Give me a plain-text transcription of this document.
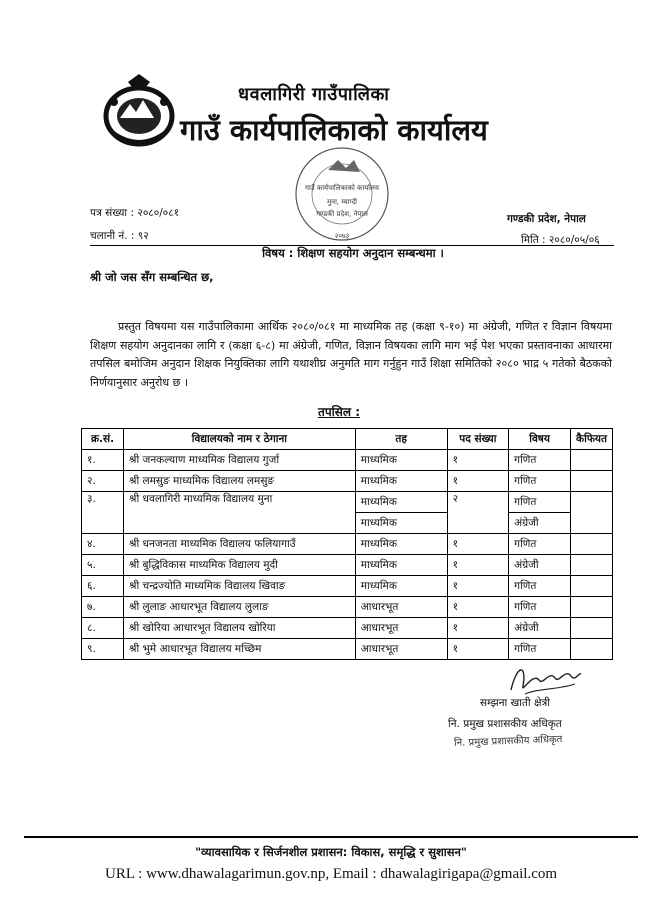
धवलागिरी गाउँपालिका
गाउँ कार्यपालिकाको कार्यालय
गाउँ कार्यपालिकाको कार्यालय
मुना, म्याग्दी
गण्डकी प्रदेश, नेपाल
२०७३
पत्र संख्या : २०८०/०८१
चलानी नं. : ९२
गण्डकी प्रदेश, नेपाल
मिति : २०८०/०५/०६
विषय : शिक्षण सहयोग अनुदान सम्बन्धमा ।
श्री जो जस सँग सम्बन्धित छ,
प्रस्तुत विषयमा यस गाउँपालिकामा आर्थिक २०८०/०८१ मा माध्यमिक तह (कक्षा ९-१०) मा अंग्रेजी, गणित र विज्ञान विषयमा शिक्षण सहयोग अनुदानका लागि र (कक्षा ६-८) मा अंग्रेजी, गणित, विज्ञान विषयका लागि माग भई पेश भएका प्रस्तावनाका आधारमा तपसिल बमोजिम अनुदान शिक्षक नियुक्तिका लागि यथाशीघ्र अनुमति माग गर्नुहुन गाउँ शिक्षा समितिको २०८० भाद्र ५ गतेको बैठकको निर्णयानुसार अनुरोध छ ।
तपसिल :
क्र.सं.	विद्यालयको नाम र ठेगाना	तह	पद संख्या	विषय	कैफियत
१.	श्री जनकल्याण माध्यमिक विद्यालय गुर्जा	माध्यमिक	१	गणित	
२.	श्री लमसुङ माध्यमिक विद्यालय लमसुङ	माध्यमिक	१	गणित	
३.	श्री धवलागिरी माध्यमिक विद्यालय मुना	माध्यमिक	२	गणित	
		माध्यमिक		अंग्रेजी	
४.	श्री धनजनता माध्यमिक विद्यालय फलियागाउँ	माध्यमिक	१	गणित	
५.	श्री बुद्धिविकास माध्यमिक विद्यालय मुदी	माध्यमिक	१	अंग्रेजी	
६.	श्री चन्द्रज्योति माध्यमिक विद्यालय खिवाङ	माध्यमिक	१	गणित	
७.	श्री लुलाङ आधारभूत विद्यालय लुलाङ	आधारभूत	१	गणित	
८.	श्री खोरिया आधारभूत विद्यालय खोरिया	आधारभूत	१	अंग्रेजी	
९.	श्री भुमे आधारभूत विद्यालय मच्छिम	आधारभूत	१	गणित	
सम्झना खाती क्षेत्री
नि. प्रमुख प्रशासकीय अधिकृत
नि. प्रमुख प्रशासकीय अधिकृत
"व्यावसायिक र सिर्जनशील प्रशासन: विकास, समृद्धि र सुशासन"
URL : www.dhawalagarimun.gov.np, Email : dhawalagirigapa@gmail.com
